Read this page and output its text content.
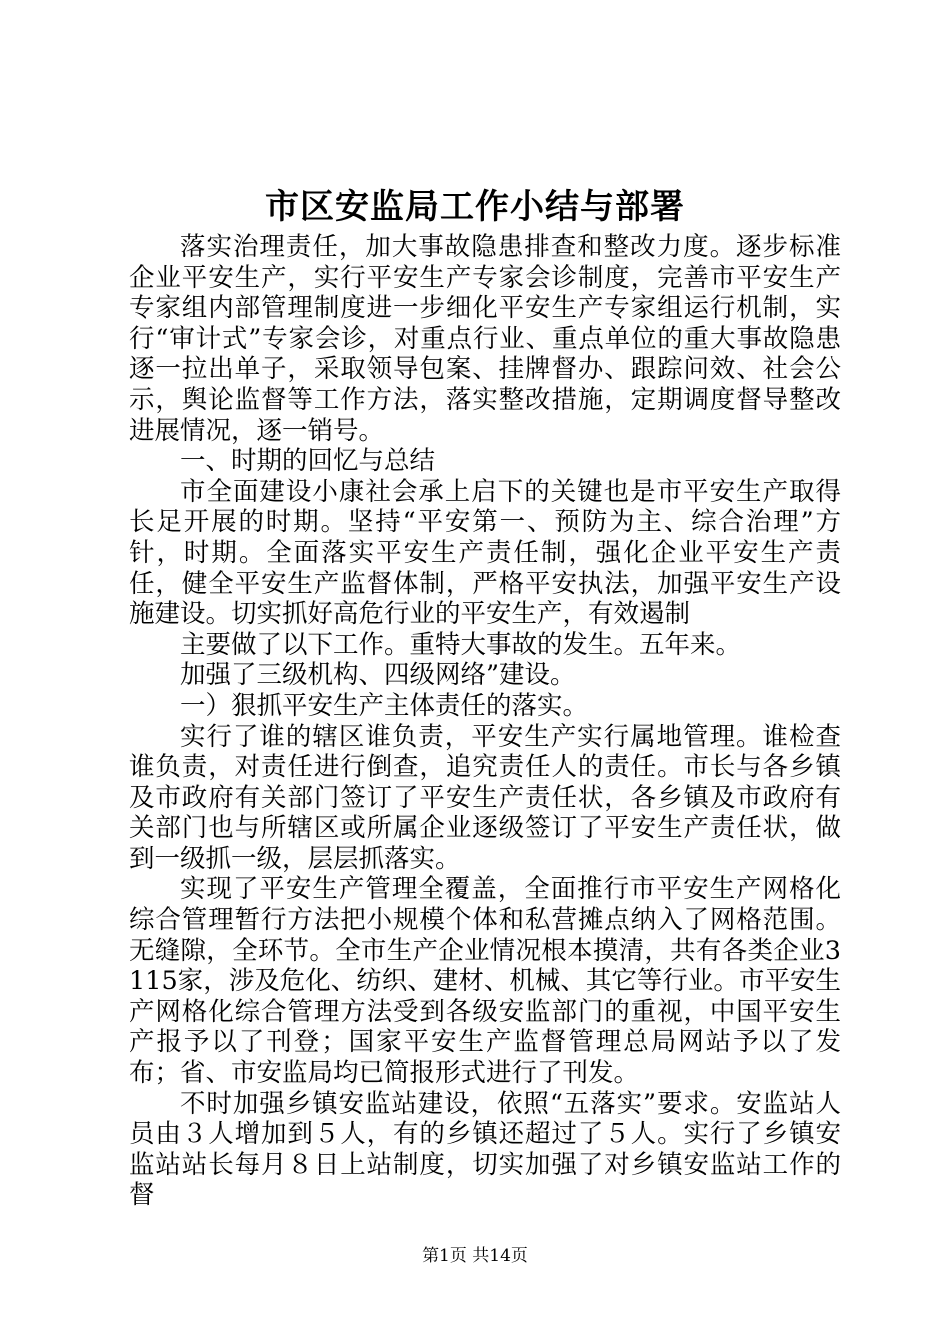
市区安监局工作小结与部署

落实治理责任，加大事故隐患排查和整改力度。逐步标准企业平安生产，实行平安生产专家会诊制度，完善市平安生产专家组内部管理制度进一步细化平安生产专家组运行机制，实行“审计式”专家会诊，对重点行业、重点单位的重大事故隐患逐一拉出单子，采取领导包案、挂牌督办、跟踪问效、社会公示，舆论监督等工作方法，落实整改措施，定期调度督导整改进展情况，逐一销号。

一、时期的回忆与总结

市全面建设小康社会承上启下的关键也是市平安生产取得长足开展的时期。坚持“平安第一、预防为主、综合治理”方针，时期。全面落实平安生产责任制，强化企业平安生产责任，健全平安生产监督体制，严格平安执法，加强平安生产设施建设。切实抓好高危行业的平安生产，有效遏制

主要做了以下工作。重特大事故的发生。五年来。

加强了三级机构、四级网络”建设。

一）狠抓平安生产主体责任的落实。

实行了谁的辖区谁负责，平安生产实行属地管理。谁检查谁负责，对责任进行倒查，追究责任人的责任。市长与各乡镇及市政府有关部门签订了平安生产责任状，各乡镇及市政府有关部门也与所辖区或所属企业逐级签订了平安生产责任状，做到一级抓一级，层层抓落实。

实现了平安生产管理全覆盖，全面推行市平安生产网格化综合管理暂行方法把小规模个体和私营摊点纳入了网格范围。无缝隙，全环节。全市生产企业情况根本摸清，共有各类企业3115家，涉及危化、纺织、建材、机械、其它等行业。市平安生产网格化综合管理方法受到各级安监部门的重视，中国平安生产报予以了刊登；国家平安生产监督管理总局网站予以了发布；省、市安监局均已简报形式进行了刊发。

不时加强乡镇安监站建设，依照“五落实”要求。安监站人员由３人增加到５人，有的乡镇还超过了５人。实行了乡镇安监站站长每月８日上站制度，切实加强了对乡镇安监站工作的督

第1页 共14页
